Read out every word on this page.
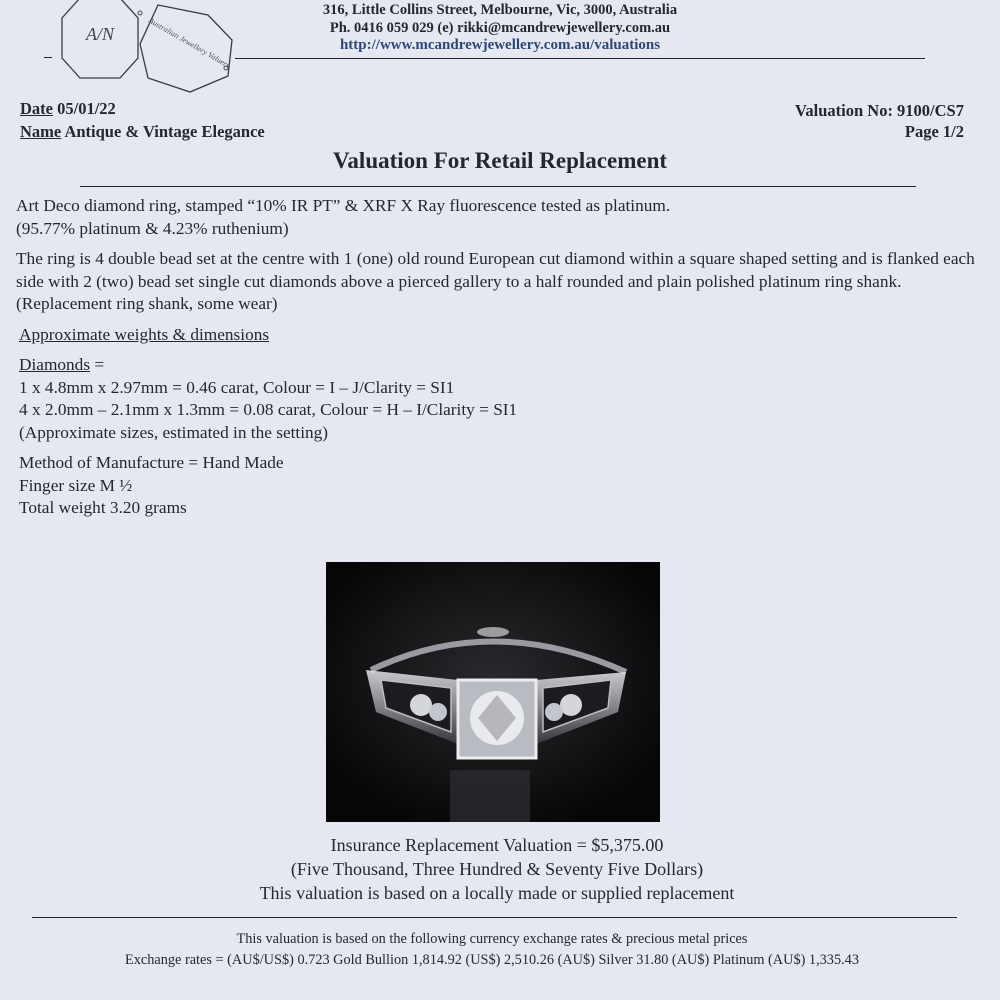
A/N	Australian Jewellery Valuers
316, Little Collins Street, Melbourne, Vic, 3000, Australia
Ph. 0416 059 029 (e) rikki@mcandrewjewellery.com.au
http://www.mcandrewjewellery.com.au/valuations
Date 05/01/22
Name Antique & Vintage Elegance
Valuation No: 9100/CS7
Page 1/2
Valuation For Retail Replacement

Art Deco diamond ring, stamped “10% IR PT” & XRF X Ray fluorescence tested as platinum.
(95.77% platinum & 4.23% ruthenium)

The ring is 4 double bead set at the centre with 1 (one) old round European cut diamond within a square shaped setting and is flanked each side with 2 (two) bead set single cut diamonds above a pierced gallery to a half rounded and plain polished platinum ring shank. (Replacement ring shank, some wear)

Approximate weights & dimensions

Diamonds =
1 x 4.8mm x 2.97mm = 0.46 carat, Colour = I – J/Clarity = SI1
4 x 2.0mm – 2.1mm x 1.3mm = 0.08 carat, Colour = H – I/Clarity = SI1
(Approximate sizes, estimated in the setting)

Method of Manufacture = Hand Made
Finger size M ½
Total weight 3.20 grams

Insurance Replacement Valuation = $5,375.00
(Five Thousand, Three Hundred & Seventy Five Dollars)
This valuation is based on a locally made or supplied replacement
This valuation is based on the following currency exchange rates & precious metal prices
Exchange rates = (AU$/US$) 0.723 Gold Bullion 1,814.92 (US$) 2,510.26 (AU$) Silver 31.80 (AU$) Platinum (AU$) 1,335.43
